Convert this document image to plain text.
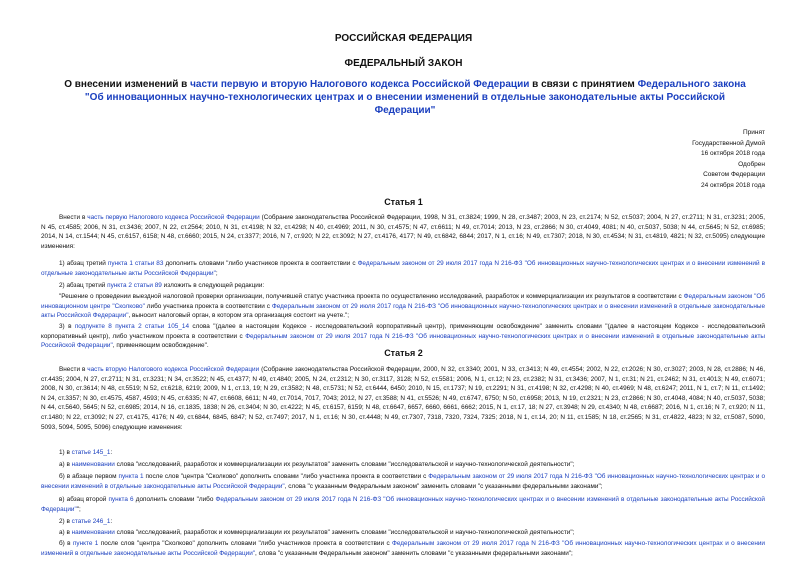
РОССИЙСКАЯ ФЕДЕРАЦИЯ
ФЕДЕРАЛЬНЫЙ ЗАКОН
О внесении изменений в части первую и вторую Налогового кодекса Российской Федерации в связи с принятием Федерального закона "Об инновационных научно-технологических центрах и о внесении изменений в отдельные законодательные акты Российской Федерации"
Принят
Государственной Думой
16 октября 2018 года
Одобрен
Советом Федерации
24 октября 2018 года
Статья 1

Внести в часть первую Налогового кодекса Российской Федерации (Собрание законодательства Российской Федерации, 1998, N 31, ст.3824; 1999, N 28, ст.3487; 2003, N 23, ст.2174; N 52, ст.5037; 2004, N 27, ст.2711; N 31, ст.3231; 2005, N 45, ст.4585; 2006, N 31, ст.3436; 2007, N 22, ст.2564; 2010, N 31, ст.4198; N 32, ст.4298; N 40, ст.4969; 2011, N 30, ст.4575; N 47, ст.6611; N 49, ст.7014; 2013, N 23, ст.2866; N 30, ст.4049, 4081; N 40, ст.5037, 5038; N 44, ст.5645; N 52, ст.6985; 2014, N 14, ст.1544; N 45, ст.6157, 6158; N 48, ст.6660; 2015, N 24, ст.3377; 2016, N 7, ст.920; N 22, ст.3092; N 27, ст.4176, 4177; N 49, ст.6842, 6844; 2017, N 1, ст.16; N 49, ст.7307; 2018, N 30, ст.4534; N 31, ст.4819, 4821; N 32, ст.5095) следующие изменения:

1) абзац третий пункта 1 статьи 83 дополнить словами "либо участников проекта в соответствии с Федеральным законом от 29 июля 2017 года N 216-ФЗ "Об инновационных научно-технологических центрах и о внесении изменений в отдельные законодательные акты Российской Федерации";

2) абзац третий пункта 2 статьи 89 изложить в следующей редакции:

"Решение о проведении выездной налоговой проверки организации, получившей статус участника проекта по осуществлению исследований, разработок и коммерциализации их результатов в соответствии с Федеральным законом "Об инновационном центре "Сколково" либо участника проекта в соответствии с Федеральным законом от 29 июля 2017 года N 216-ФЗ "Об инновационных научно-технологических центрах и о внесении изменений в отдельные законодательные акты Российской Федерации", выносит налоговый орган, в котором эта организация состоит на учете.";

3) в подпункте 8 пункта 2 статьи 105_14 слова "(далее в настоящем Кодексе - исследовательский корпоративный центр), применяющим освобождение" заменить словами "(далее в настоящем Кодексе - исследовательский корпоративный центр), либо участником проекта в соответствии с Федеральным законом от 29 июля 2017 года N 216-ФЗ "Об инновационных научно-технологических центрах и о внесении изменений в отдельные законодательные акты Российской Федерации", применяющим освобождение".

Статья 2

Внести в часть вторую Налогового кодекса Российской Федерации (Собрание законодательства Российской Федерации, 2000, N 32, ст.3340; 2001, N 33, ст.3413; N 49, ст.4554; 2002, N 22, ст.2026; N 30, ст.3027; 2003, N 28, ст.2886; N 46, ст.4435; 2004, N 27, ст.2711; N 31, ст.3231; N 34, ст.3522; N 45, ст.4377; N 49, ст.4840; 2005, N 24, ст.2312; N 30, ст.3117, 3128; N 52, ст.5581; 2006, N 1, ст.12; N 23, ст.2382; N 31, ст.3436; 2007, N 1, ст.31; N 21, ст.2462; N 31, ст.4013; N 49, ст.6071; 2008, N 30, ст.3614; N 48, ст.5519; N 52, ст.6218, 6219; 2009, N 1, ст.13, 19; N 29, ст.3582; N 48, ст.5731; N 52, ст.6444, 6450; 2010, N 15, ст.1737; N 19, ст.2291; N 31, ст.4198; N 32, ст.4298; N 40, ст.4969; N 48, ст.6247; 2011, N 1, ст.7; N 11, ст.1492; N 24, ст.3357; N 30, ст.4575, 4587, 4593; N 45, ст.6335; N 47, ст.6608, 6611; N 49, ст.7014, 7017, 7043; 2012, N 27, ст.3588; N 41, ст.5526; N 49, ст.6747, 6750; N 50, ст.6958; 2013, N 19, ст.2321; N 23, ст.2866; N 30, ст.4048, 4084; N 40, ст.5037, 5038; N 44, ст.5640, 5645; N 52, ст.6985; 2014, N 16, ст.1835, 1838; N 26, ст.3404; N 30, ст.4222; N 45, ст.6157, 6159; N 48, ст.6647, 6657, 6660, 6661, 6662; 2015, N 1, ст.17, 18; N 27, ст.3948; N 29, ст.4340; N 48, ст.6687; 2016, N 1, ст.16; N 7, ст.920; N 11, ст.1480; N 22, ст.3092; N 27, ст.4175, 4176; N 49, ст.6844, 6845, 6847; N 52, ст.7497; 2017, N 1, ст.16; N 30, ст.4448; N 49, ст.7307, 7318, 7320, 7324, 7325; 2018, N 1, ст.14, 20; N 11, ст.1585; N 18, ст.2565; N 31, ст.4822, 4823; N 32, ст.5087, 5090, 5093, 5094, 5095, 5096) следующие изменения:

1) в статье 145_1:

а) в наименовании слова "исследований, разработок и коммерциализации их результатов" заменить словами "исследовательской и научно-технологической деятельности";

б) в абзаце первом пункта 1 после слов "центра "Сколково" дополнить словами "либо участника проекта в соответствии с Федеральным законом от 29 июля 2017 года N 216-ФЗ "Об инновационных научно-технологических центрах и о внесении изменений в отдельные законодательные акты Российской Федерации", слова "с указанным Федеральным законом" заменить словами "с указанными федеральными законами";

в) абзац второй пункта 6 дополнить словами "либо Федеральным законом от 29 июля 2017 года N 216-ФЗ "Об инновационных научно-технологических центрах и о внесении изменений в отдельные законодательные акты Российской Федерации"";

2) в статье 246_1:

а) в наименовании слова "исследований, разработок и коммерциализации их результатов" заменить словами "исследовательской и научно-технологической деятельности";

б) в пункте 1 после слов "центра "Сколково" дополнить словами "либо участников проекта в соответствии с Федеральным законом от 29 июля 2017 года N 216-ФЗ "Об инновационных научно-технологических центрах и о внесении изменений в отдельные законодательные акты Российской Федерации", слова "с указанным Федеральным законом" заменить словами "с указанными федеральными законами";
